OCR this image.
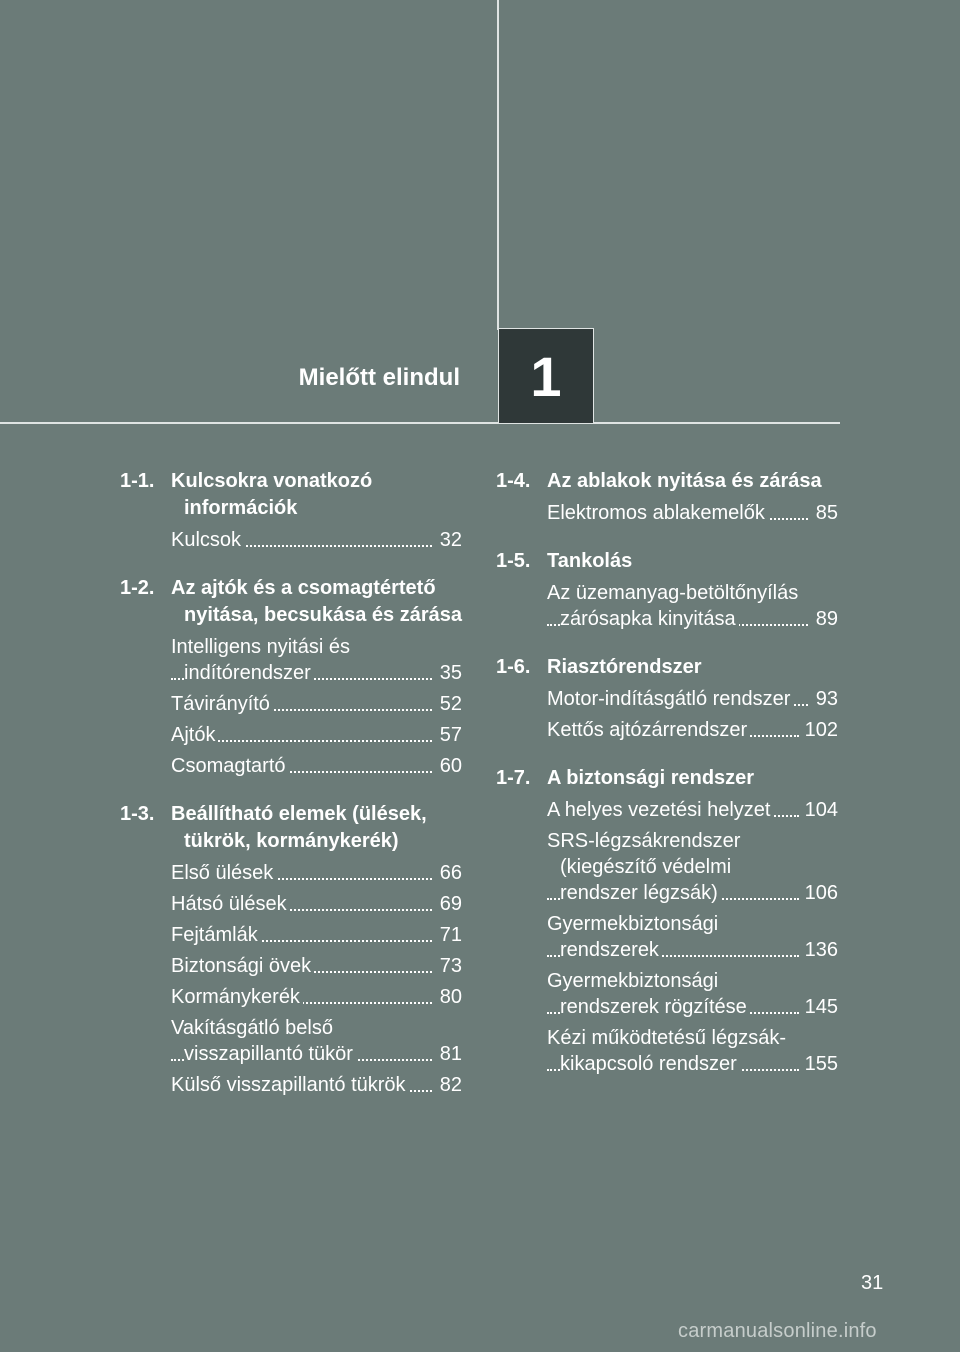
Mielőtt elindul 1
1-1. Kulcsokra vonatkozó információk
Kulcsok	32
1-2. Az ajtók és a csomagtértető nyitása, becsukása és zárása
Intelligens nyitási és indítórendszer	35
Távirányító	52
Ajtók	57
Csomagtartó	60
1-3. Beállítható elemek (ülések, tükrök, kormánykerék)
Első ülések	66
Hátsó ülések	69
Fejtámlák	71
Biztonsági övek	73
Kormánykerék	80
Vakításgátló belső visszapillantó tükör	81
Külső visszapillantó tükrök	82
1-4. Az ablakok nyitása és zárása
Elektromos ablakemelők	85
1-5. Tankolás
Az üzemanyag-betöltőnyílás zárósapka kinyitása	89
1-6. Riasztórendszer
Motor-indításgátló rendszer	93
Kettős ajtózárrendszer	102
1-7. A biztonsági rendszer
A helyes vezetési helyzet	104
SRS-légzsákrendszer (kiegészítő védelmi rendszer légzsák)	106
Gyermekbiztonsági rendszerek	136
Gyermekbiztonsági rendszerek rögzítése	145
Kézi működtetésű légzsák-kikapcsoló rendszer	155
31
carmanualsonline.info
